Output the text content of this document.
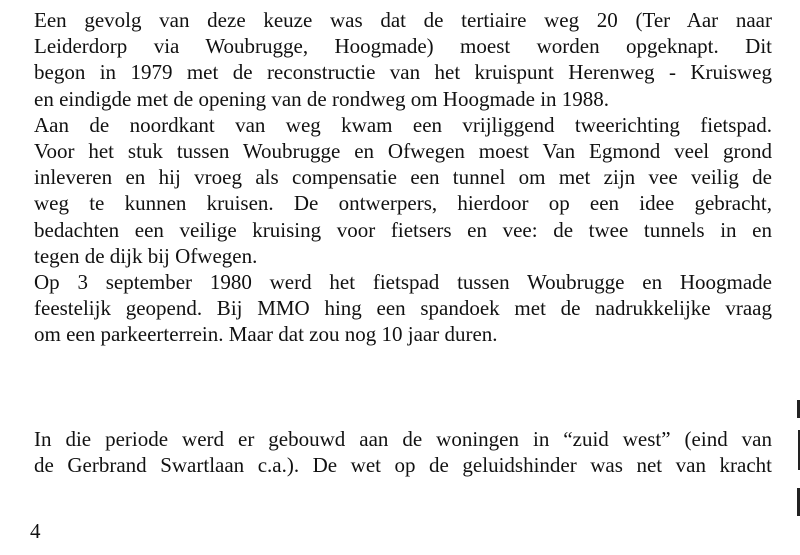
Een gevolg van deze keuze was dat de tertiaire weg 20 (Ter Aar naar
Leiderdorp via Woubrugge, Hoogmade) moest worden opgeknapt. Dit
begon in 1979 met de reconstructie van het kruispunt Herenweg - Kruisweg
en eindigde met de opening van de rondweg om Hoogmade in 1988.
Aan de noordkant van weg kwam een vrijliggend tweerichting fietspad.
Voor het stuk tussen Woubrugge en Ofwegen moest Van Egmond veel grond
inleveren en hij vroeg als compensatie een tunnel om met zijn vee veilig de
weg te kunnen kruisen. De ontwerpers, hierdoor op een idee gebracht,
bedachten een veilige kruising voor fietsers en vee: de twee tunnels in en
tegen de dijk bij Ofwegen.
Op 3 september 1980 werd het fietspad tussen Woubrugge en Hoogmade
feestelijk geopend. Bij MMO hing een spandoek met de nadrukkelijke vraag
om een parkeerterrein. Maar dat zou nog 10 jaar duren.
In die periode werd er gebouwd aan de woningen in “zuid west” (eind van
de Gerbrand Swartlaan c.a.). De wet op de geluidshinder was net van kracht
4
